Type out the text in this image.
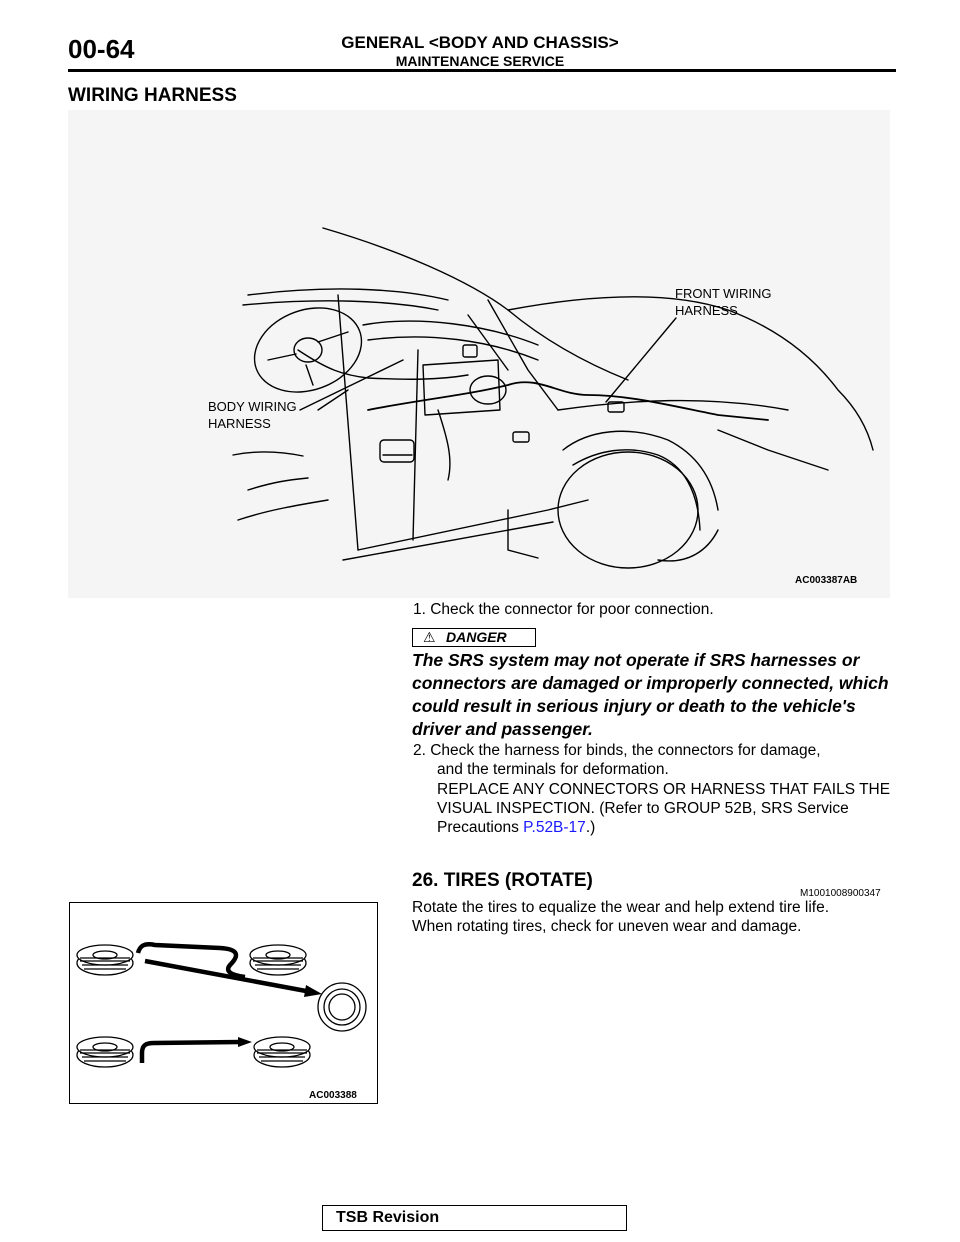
00-64	GENERAL <BODY AND CHASSIS>
MAINTENANCE SERVICE
WIRING HARNESS
FRONT WIRING
HARNESS
BODY WIRING
HARNESS
AC003387AB
1. Check the connector for poor connection.
⚠ DANGER
The SRS system may not operate if SRS harnesses or connectors are damaged or improperly connected, which could result in serious injury or death to the vehicle's driver and passenger.
2. Check the harness for binds, the connectors for damage,
and the terminals for deformation.
REPLACE ANY CONNECTORS OR HARNESS THAT FAILS THE VISUAL INSPECTION. (Refer to GROUP 52B, SRS Service Precautions P.52B-17.)
26. TIRES (ROTATE)
M1001008900347
Rotate the tires to equalize the wear and help extend tire life.
When rotating tires, check for uneven wear and damage.
AC003388
TSB Revision
